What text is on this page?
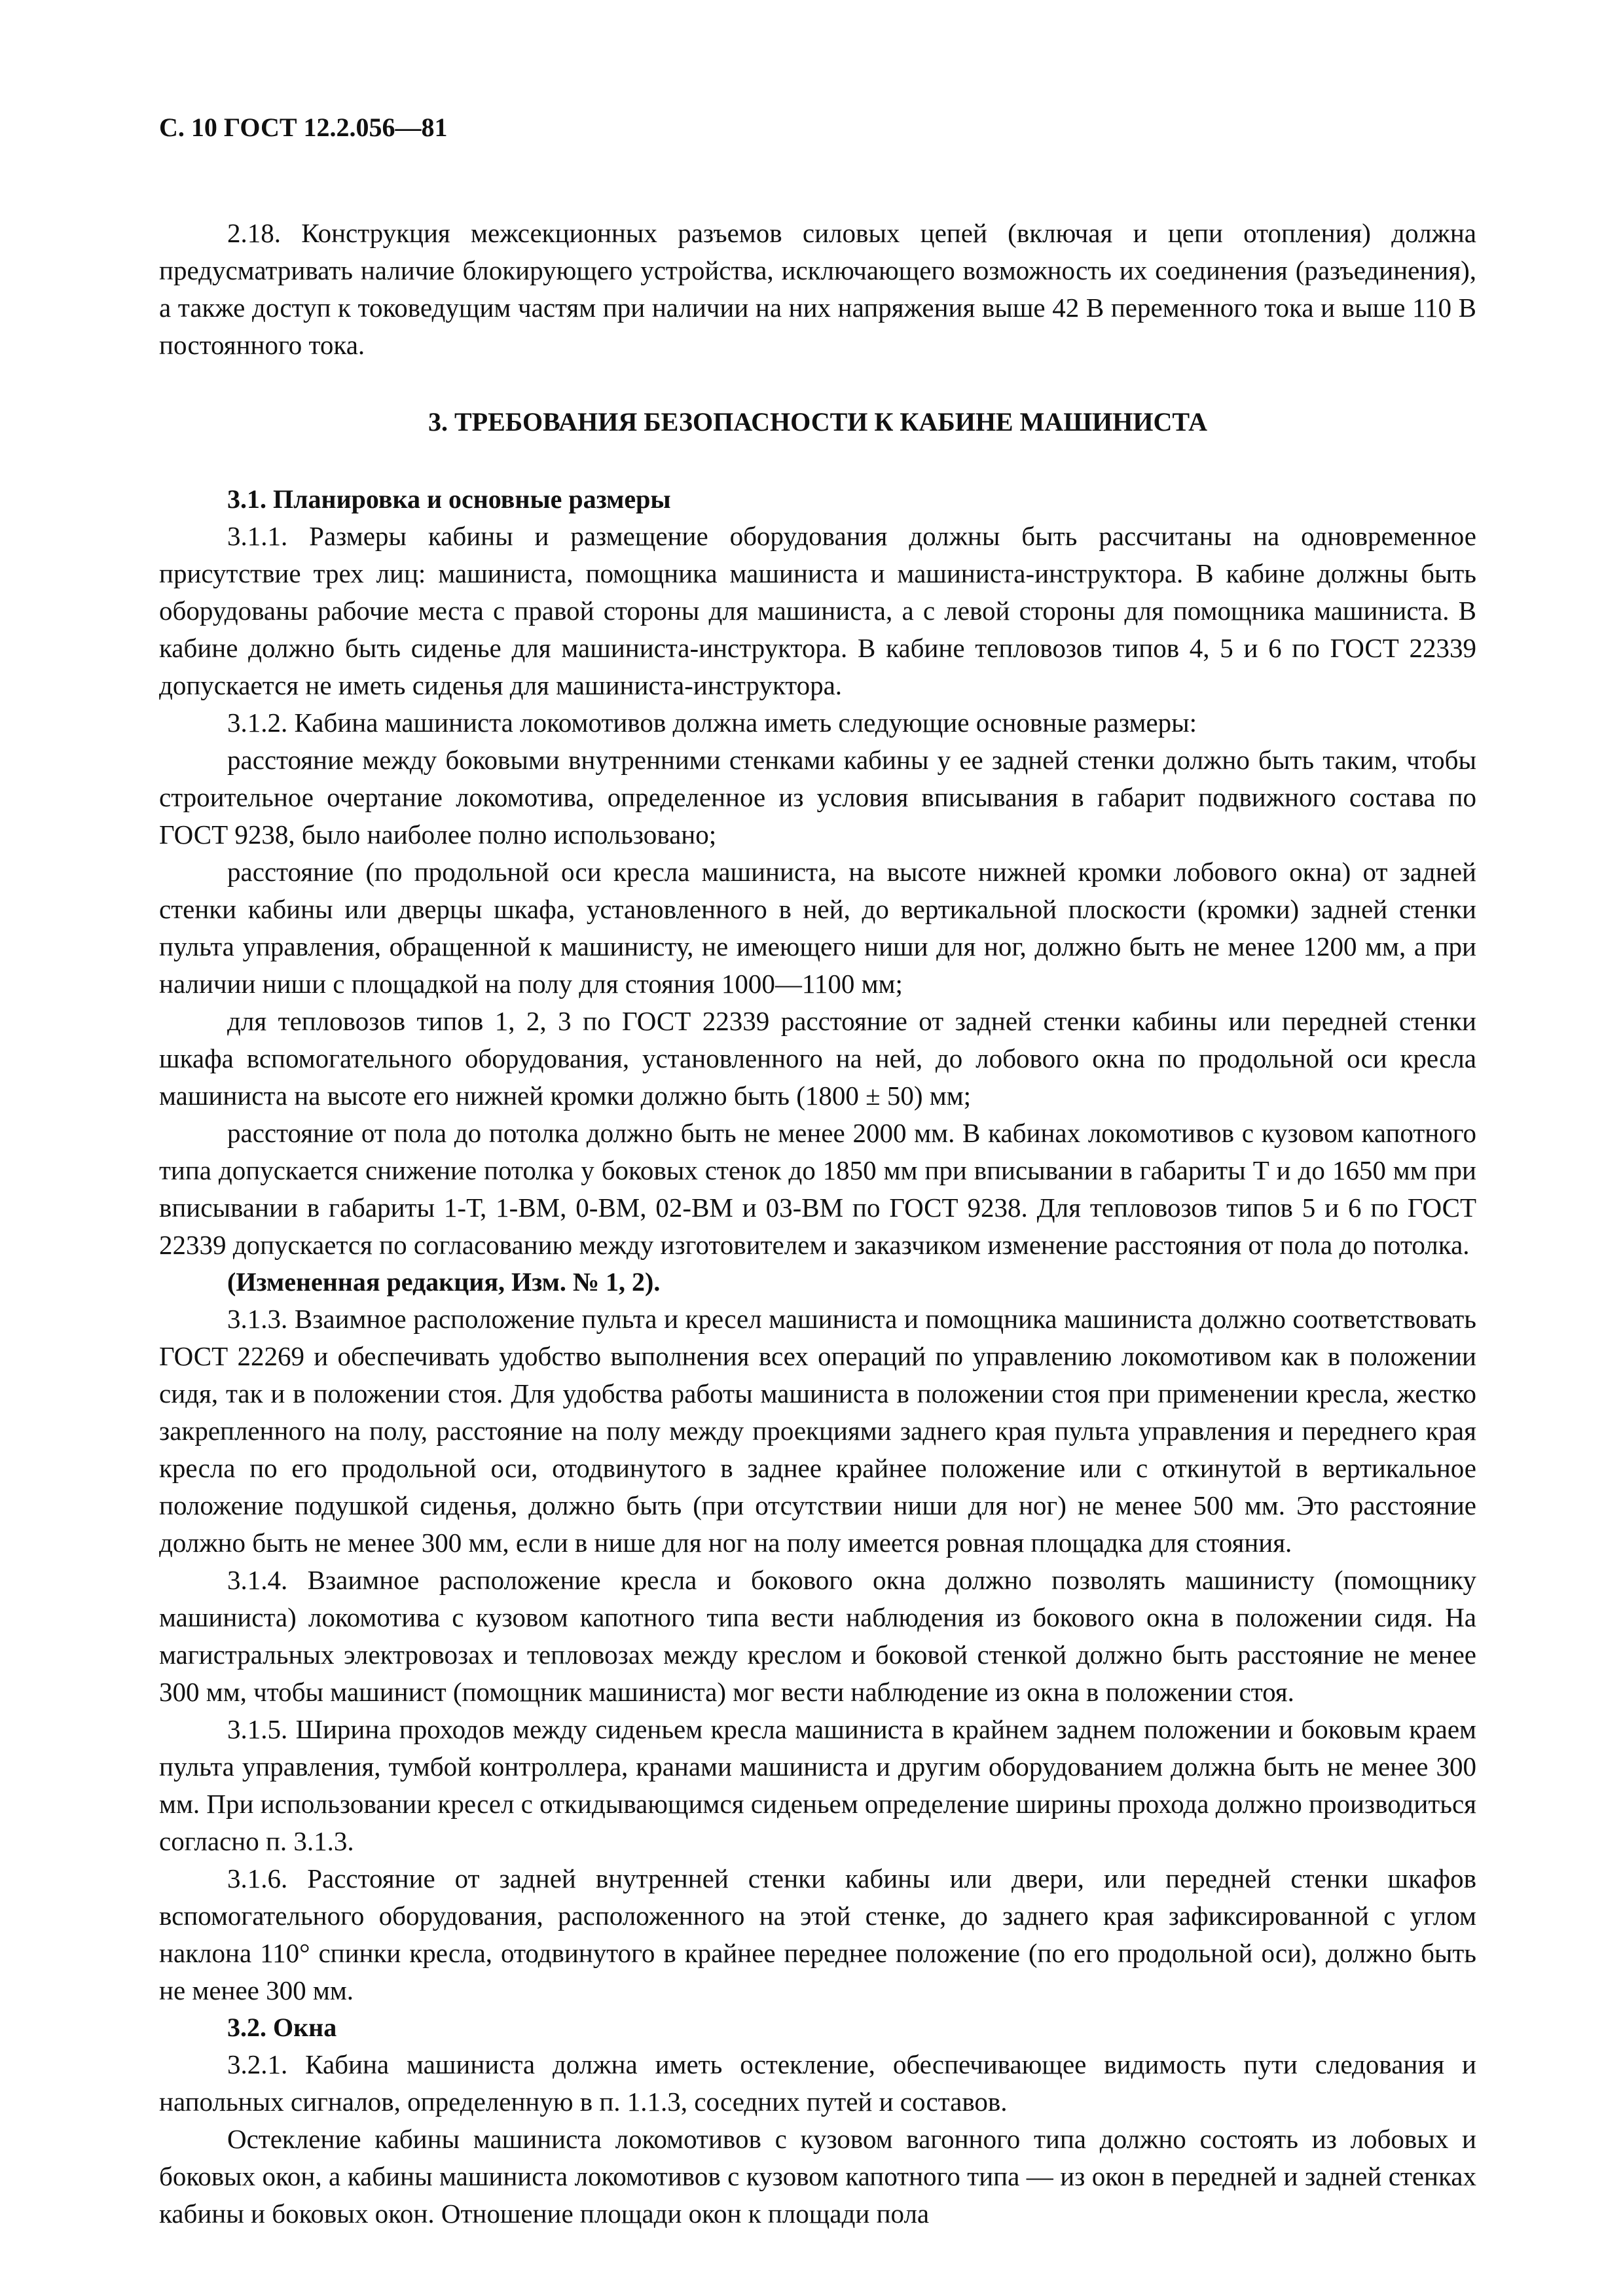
С. 10 ГОСТ 12.2.056—81

2.18. Конструкция межсекционных разъемов силовых цепей (включая и цепи отопления) должна предусматривать наличие блокирующего устройства, исключающего возможность их соединения (разъединения), а также доступ к токоведущим частям при наличии на них напряжения выше 42 В переменного тока и выше 110 В постоянного тока.

3. ТРЕБОВАНИЯ БЕЗОПАСНОСТИ К КАБИНЕ МАШИНИСТА
3.1. Планировка и основные размеры

3.1.1. Размеры кабины и размещение оборудования должны быть рассчитаны на одновременное присутствие трех лиц: машиниста, помощника машиниста и машиниста-инструктора. В кабине должны быть оборудованы рабочие места с правой стороны для машиниста, а с левой стороны для помощника машиниста. В кабине должно быть сиденье для машиниста-инструктора. В кабине тепловозов типов 4, 5 и 6 по ГОСТ 22339 допускается не иметь сиденья для машиниста-инструктора.

3.1.2. Кабина машиниста локомотивов должна иметь следующие основные размеры:

расстояние между боковыми внутренними стенками кабины у ее задней стенки должно быть таким, чтобы строительное очертание локомотива, определенное из условия вписывания в габарит подвижного состава по ГОСТ 9238, было наиболее полно использовано;

расстояние (по продольной оси кресла машиниста, на высоте нижней кромки лобового окна) от задней стенки кабины или дверцы шкафа, установленного в ней, до вертикальной плоскости (кромки) задней стенки пульта управления, обращенной к машинисту, не имеющего ниши для ног, должно быть не менее 1200 мм, а при наличии ниши с площадкой на полу для стояния 1000—1100 мм;

для тепловозов типов 1, 2, 3 по ГОСТ 22339 расстояние от задней стенки кабины или передней стенки шкафа вспомогательного оборудования, установленного на ней, до лобового окна по продольной оси кресла машиниста на высоте его нижней кромки должно быть (1800 ± 50) мм;

расстояние от пола до потолка должно быть не менее 2000 мм. В кабинах локомотивов с кузовом капотного типа допускается снижение потолка у боковых стенок до 1850 мм при вписывании в габариты Т и до 1650 мм при вписывании в габариты 1-Т, 1-ВМ, 0-ВМ, 02-ВМ и 03-ВМ по ГОСТ 9238. Для тепловозов типов 5 и 6 по ГОСТ 22339 допускается по согласованию между изготовителем и заказчиком изменение расстояния от пола до потолка.

(Измененная редакция, Изм. № 1, 2).

3.1.3. Взаимное расположение пульта и кресел машиниста и помощника машиниста должно соответствовать ГОСТ 22269 и обеспечивать удобство выполнения всех операций по управлению локомотивом как в положении сидя, так и в положении стоя. Для удобства работы машиниста в положении стоя при применении кресла, жестко закрепленного на полу, расстояние на полу между проекциями заднего края пульта управления и переднего края кресла по его продольной оси, отодвинутого в заднее крайнее положение или с откинутой в вертикальное положение подушкой сиденья, должно быть (при отсутствии ниши для ног) не менее 500 мм. Это расстояние должно быть не менее 300 мм, если в нише для ног на полу имеется ровная площадка для стояния.

3.1.4. Взаимное расположение кресла и бокового окна должно позволять машинисту (помощнику машиниста) локомотива с кузовом капотного типа вести наблюдения из бокового окна в положении сидя. На магистральных электровозах и тепловозах между креслом и боковой стенкой должно быть расстояние не менее 300 мм, чтобы машинист (помощник машиниста) мог вести наблюдение из окна в положении стоя.

3.1.5. Ширина проходов между сиденьем кресла машиниста в крайнем заднем положении и боковым краем пульта управления, тумбой контроллера, кранами машиниста и другим оборудованием должна быть не менее 300 мм. При использовании кресел с откидывающимся сиденьем определение ширины прохода должно производиться согласно п. 3.1.3.

3.1.6. Расстояние от задней внутренней стенки кабины или двери, или передней стенки шкафов вспомогательного оборудования, расположенного на этой стенке, до заднего края зафиксированной с углом наклона 110° спинки кресла, отодвинутого в крайнее переднее положение (по его продольной оси), должно быть не менее 300 мм.

3.2. Окна

3.2.1. Кабина машиниста должна иметь остекление, обеспечивающее видимость пути следования и напольных сигналов, определенную в п. 1.1.3, соседних путей и составов.

Остекление кабины машиниста локомотивов с кузовом вагонного типа должно состоять из лобовых и боковых окон, а кабины машиниста локомотивов с кузовом капотного типа — из окон в передней и задней стенках кабины и боковых окон. Отношение площади окон к площади пола
